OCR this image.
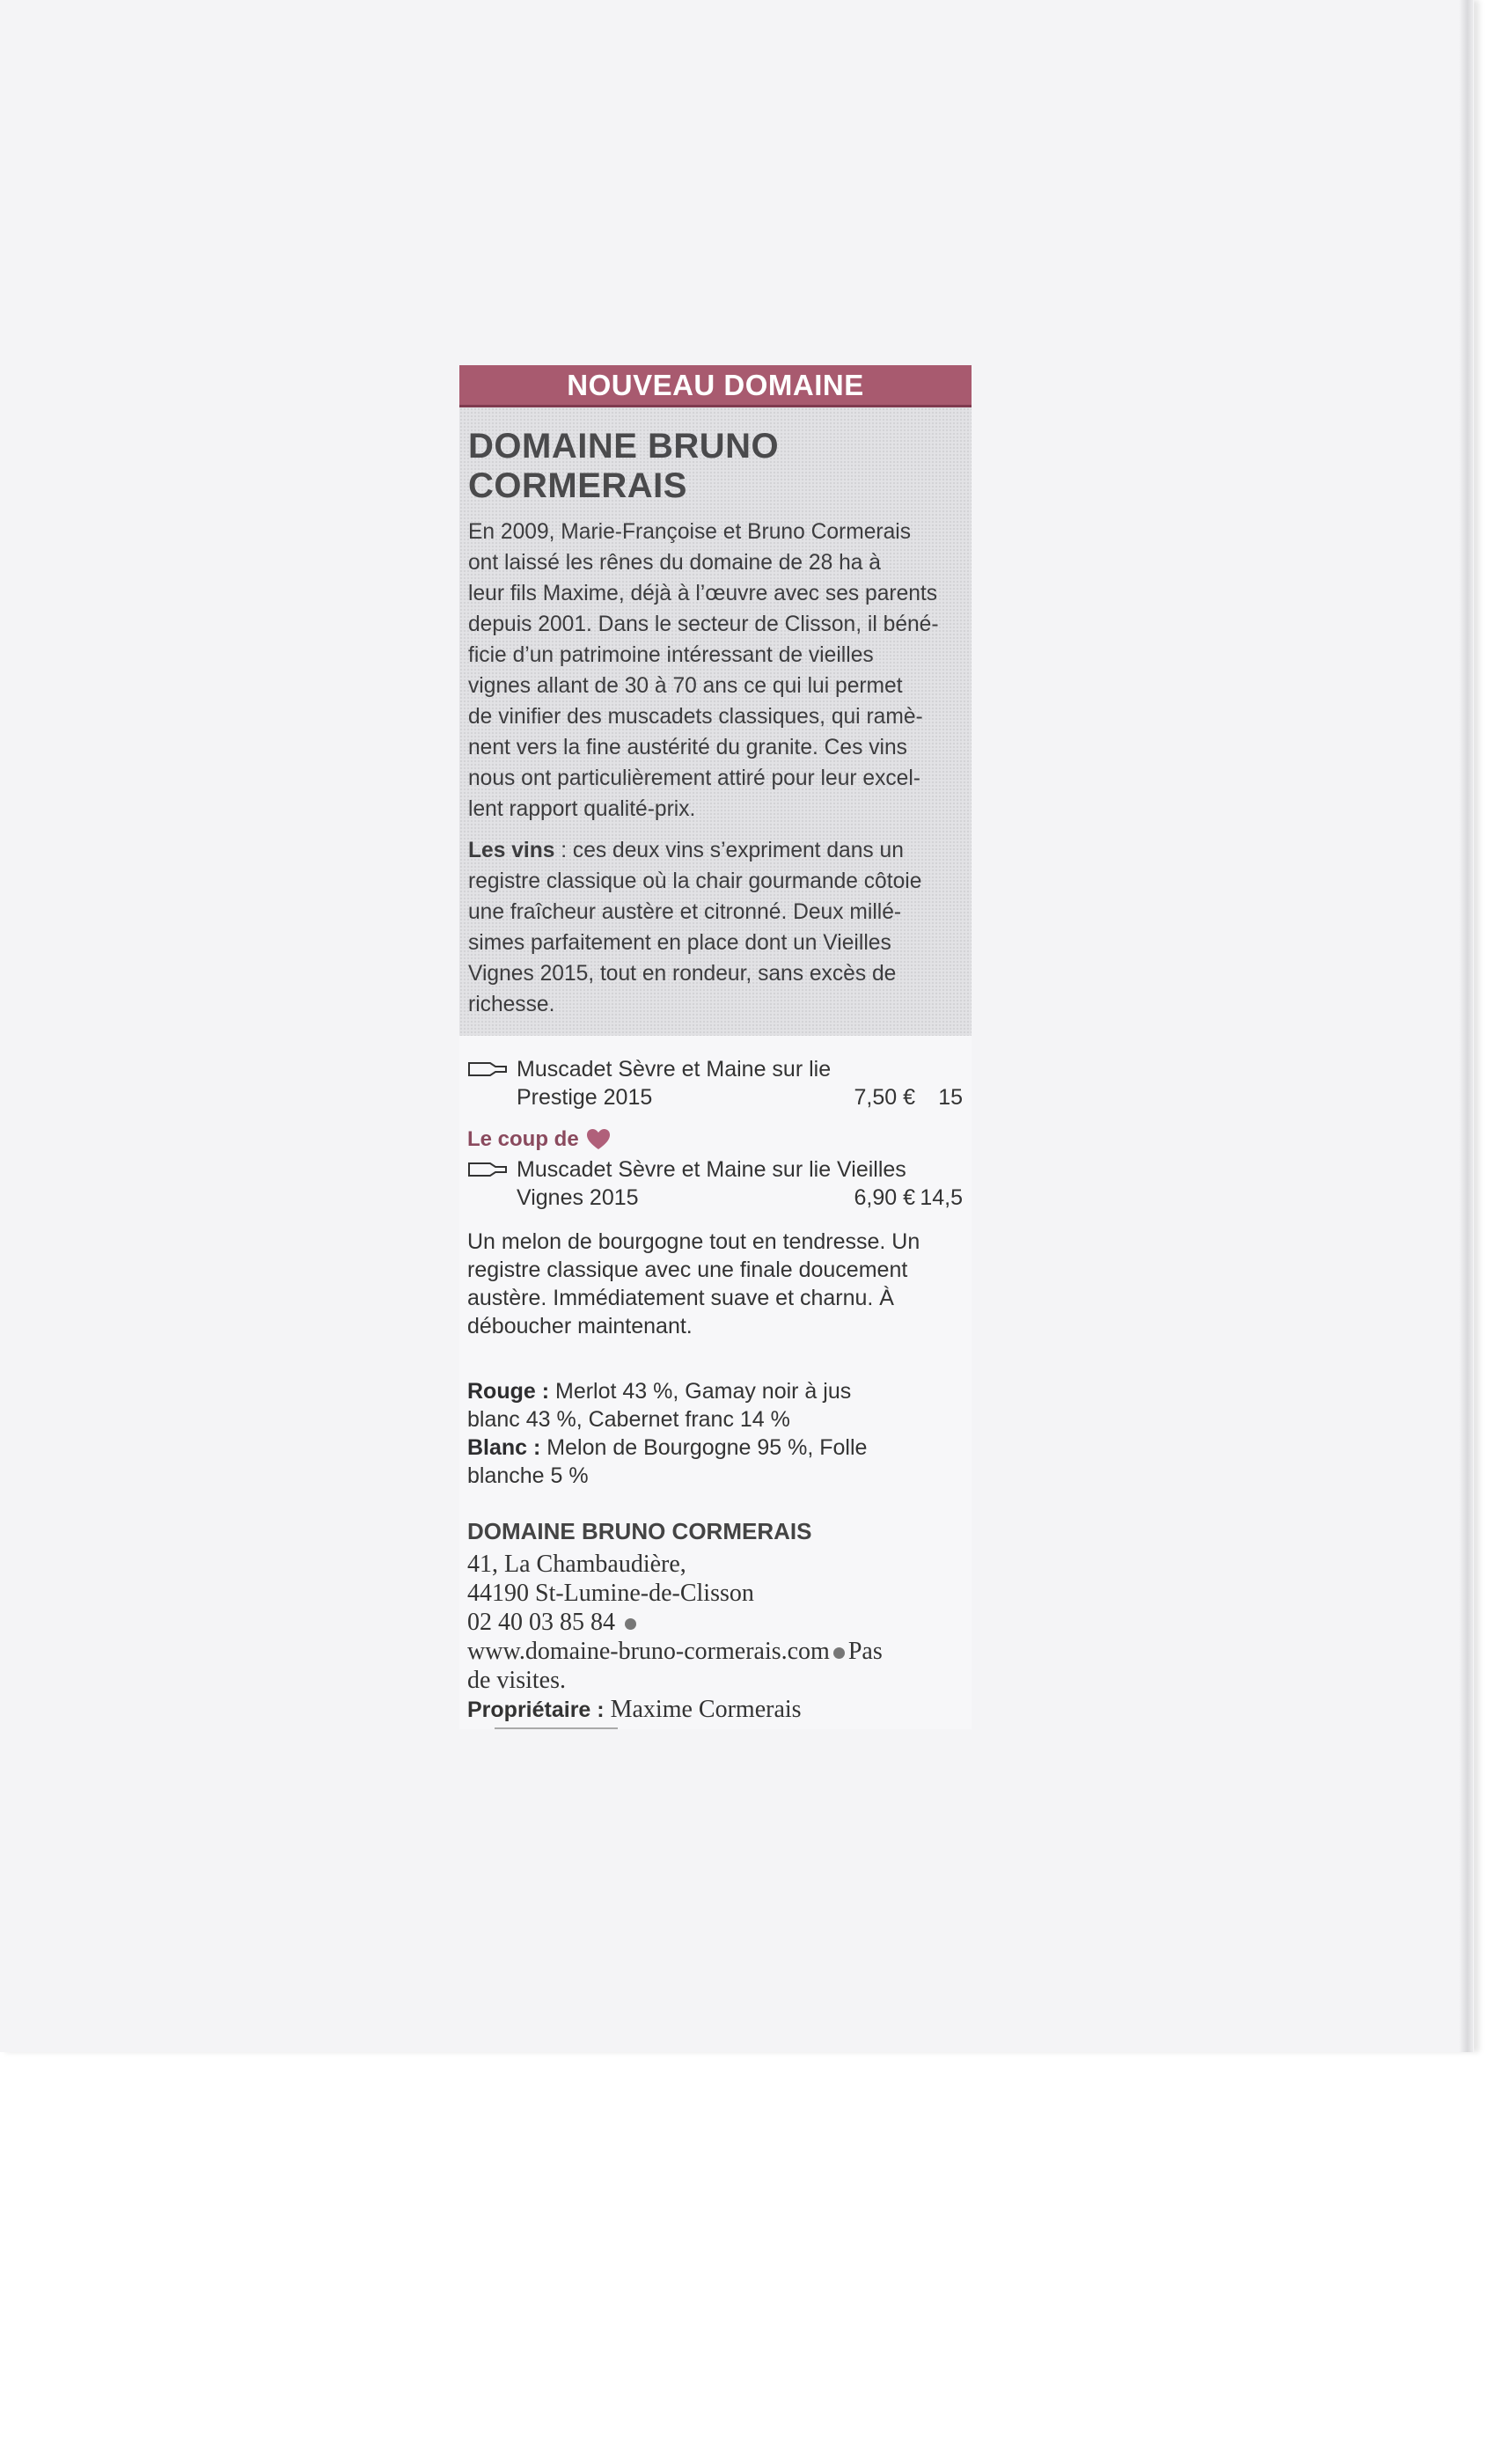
NOUVEAU DOMAINE
DOMAINE BRUNO
CORMERAIS

En 2009, Marie-Françoise et Bruno Cormerais
ont laissé les rênes du domaine de 28 ha à
leur fils Maxime, déjà à l’œuvre avec ses parents
depuis 2001. Dans le secteur de Clisson, il béné-
ficie d’un patrimoine intéressant de vieilles
vignes allant de 30 à 70 ans ce qui lui permet
de vinifier des muscadets classiques, qui ramè-
nent vers la fine austérité du granite. Ces vins
nous ont particulièrement attiré pour leur excel-
lent rapport qualité-prix.

Les vins : ces deux vins s’expriment dans un
registre classique où la chair gourmande côtoie
une fraîcheur austère et citronné. Deux millé-
simes parfaitement en place dont un Vieilles
Vignes 2015, tout en rondeur, sans excès de
richesse.

Muscadet Sèvre et Maine sur lie
Prestige 2015	7,50 €	15
Le coup de
Muscadet Sèvre et Maine sur lie Vieilles
Vignes 2015	6,90 € 14,5

Un melon de bourgogne tout en tendresse. Un
registre classique avec une finale doucement
austère. Immédiatement suave et charnu. À
déboucher maintenant.

Rouge : Merlot 43 %, Gamay noir à jus
blanc 43 %, Cabernet franc 14 %
Blanc : Melon de Bourgogne 95 %, Folle
blanche 5 %

DOMAINE BRUNO CORMERAIS
41, La Chambaudière,
44190 St-Lumine-de-Clisson
02 40 03 85 84
www.domaine-bruno-cormerais.com Pas
de visites.
Propriétaire : Maxime Cormerais
